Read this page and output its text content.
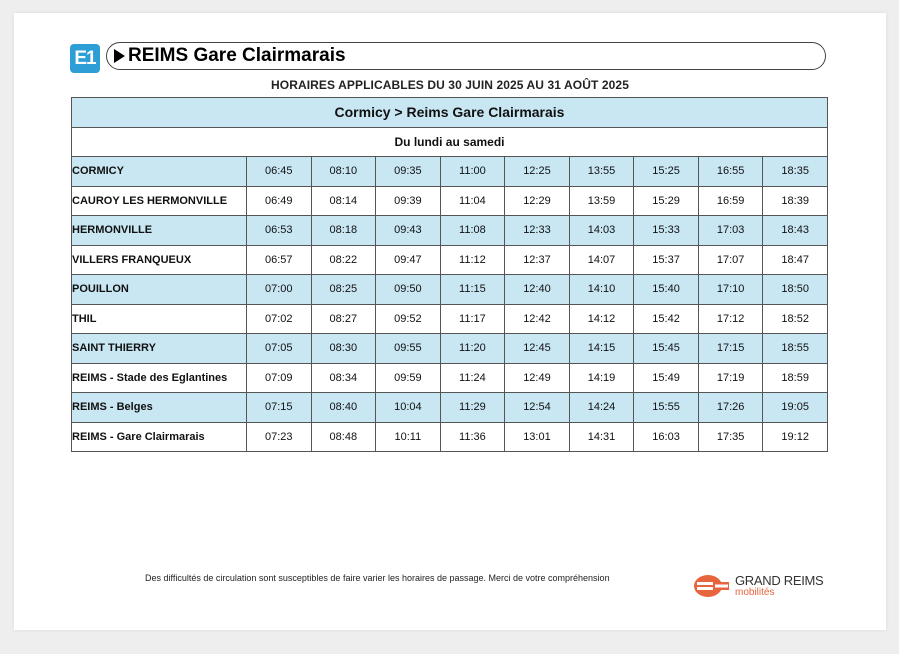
E1 REIMS Gare Clairmarais
HORAIRES APPLICABLES DU 30 JUIN 2025 AU 31 AOÛT 2025
Cormicy > Reims Gare Clairmarais									
Du lundi au samedi									
CORMICY	06:45	08:10	09:35	11:00	12:25	13:55	15:25	16:55	18:35
CAUROY LES HERMONVILLE	06:49	08:14	09:39	11:04	12:29	13:59	15:29	16:59	18:39
HERMONVILLE	06:53	08:18	09:43	11:08	12:33	14:03	15:33	17:03	18:43
VILLERS FRANQUEUX	06:57	08:22	09:47	11:12	12:37	14:07	15:37	17:07	18:47
POUILLON	07:00	08:25	09:50	11:15	12:40	14:10	15:40	17:10	18:50
THIL	07:02	08:27	09:52	11:17	12:42	14:12	15:42	17:12	18:52
SAINT THIERRY	07:05	08:30	09:55	11:20	12:45	14:15	15:45	17:15	18:55
REIMS - Stade des Eglantines	07:09	08:34	09:59	11:24	12:49	14:19	15:49	17:19	18:59
REIMS - Belges	07:15	08:40	10:04	11:29	12:54	14:24	15:55	17:26	19:05
REIMS - Gare Clairmarais	07:23	08:48	10:11	11:36	13:01	14:31	16:03	17:35	19:12
Des difficultés de circulation sont susceptibles de faire varier les horaires de passage. Merci de votre compréhension	GRAND REIMS
mobilités
